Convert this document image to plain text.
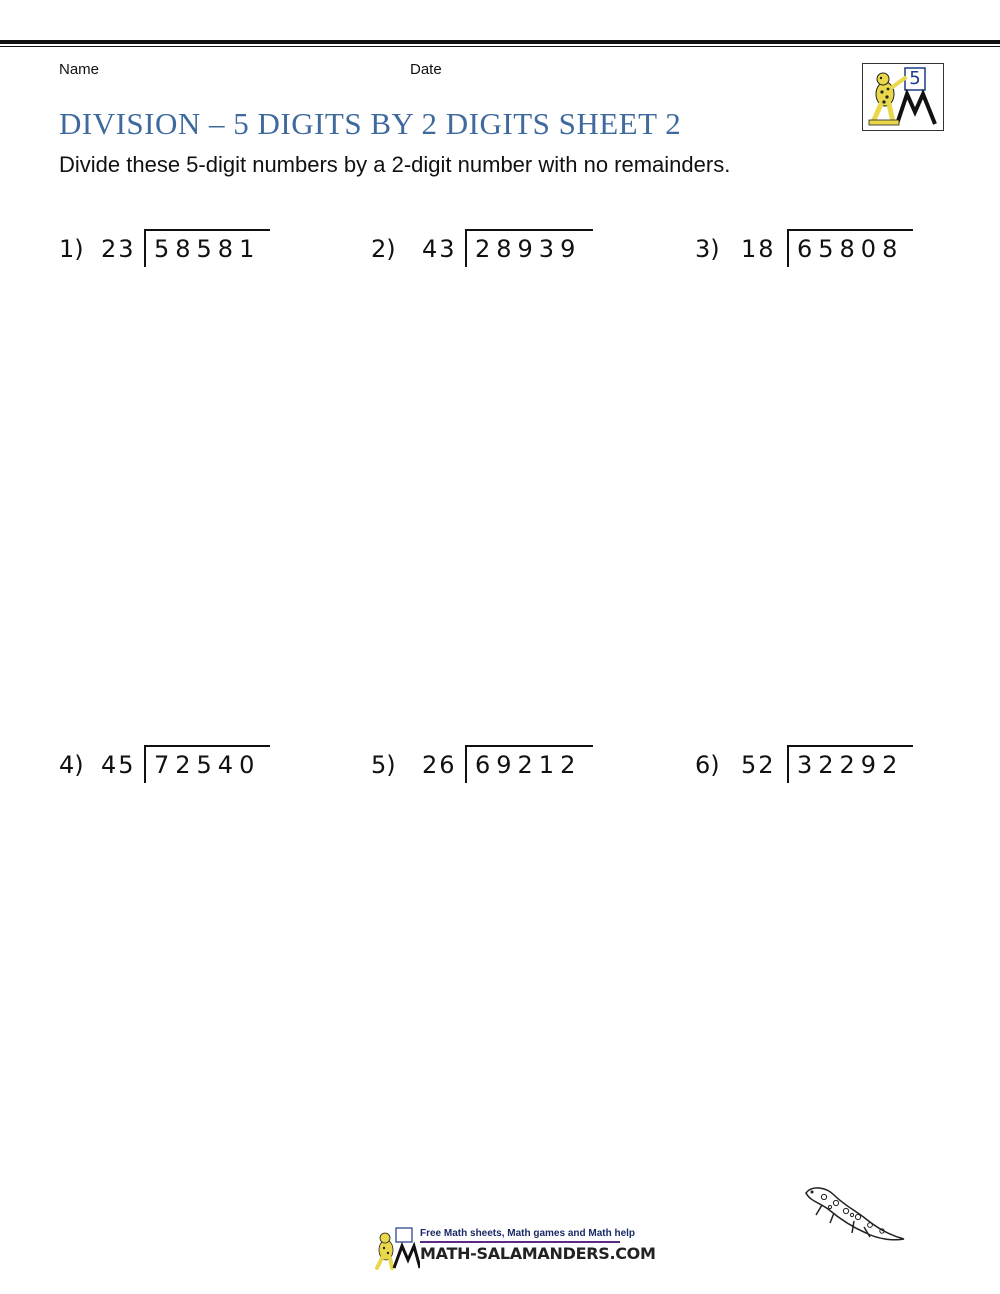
Name	Date	5
DIVISION – 5 DIGITS BY 2 DIGITS SHEET 2

Divide these 5-digit numbers by a 2-digit number with no remainders.

1) 23 58581	2) 43 28939	3) 18 65808
4) 45 72540	5) 26 69212	6) 52 32292
Free Math sheets, Math games and Math help
MATH-SALAMANDERS.COM
